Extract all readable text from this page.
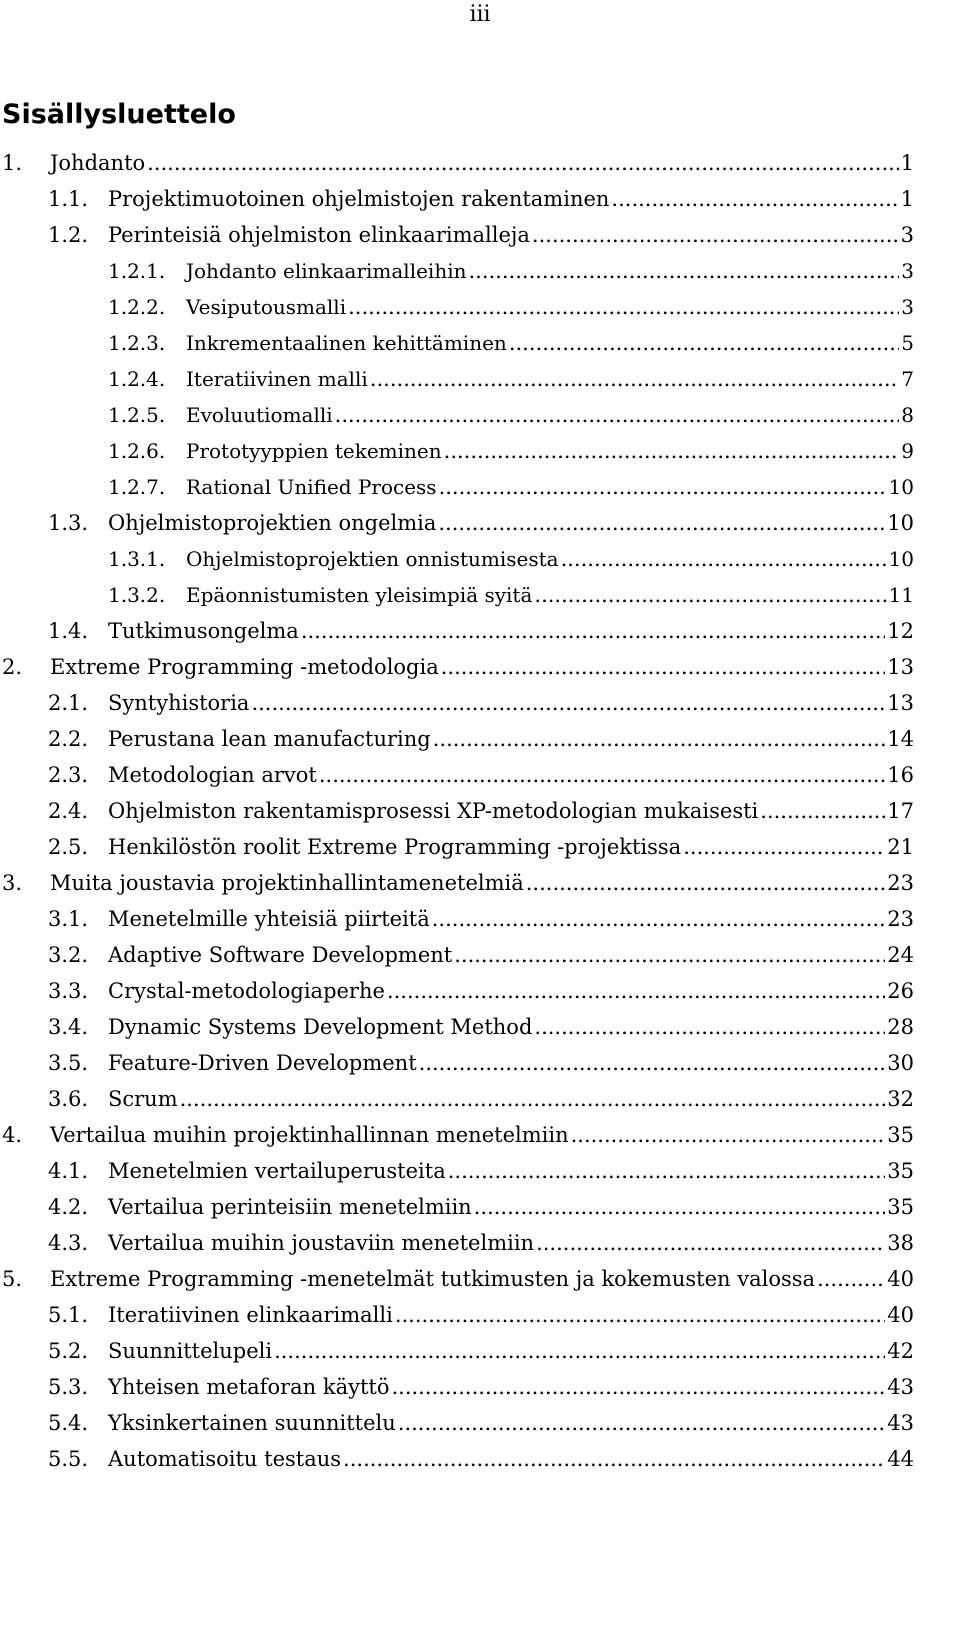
iii
Sisällysluettelo
1.	Johdanto .....	1
1.1. Projektimuotoinen ohjelmistojen rakentaminen .....	1
1.2. Perinteisiä ohjelmiston elinkaarimalleja .....	3
1.2.1.	Johdanto elinkaarimalleihin .....	3
1.2.2.	Vesiputousmalli .....	3
1.2.3.	Inkrementaalinen kehittäminen .....	5
1.2.4.	Iteratiivinen malli .....	7
1.2.5.	Evoluutiomalli .....	8
1.2.6.	Prototyyppien tekeminen .....	9
1.2.7.	Rational Unified Process .....	10
1.3. Ohjelmistoprojektien ongelmia .....	10
1.3.1.	Ohjelmistoprojektien onnistumisesta .....	10
1.3.2.	Epäonnistumisten yleisimpiä syitä .....	11
1.4. Tutkimusongelma .....	12
2.	Extreme Programming -metodologia .....	13
2.1. Syntyhistoria .....	13
2.2. Perustana lean manufacturing .....	14
2.3. Metodologian arvot .....	16
2.4. Ohjelmiston rakentamisprosessi XP-metodologian mukaisesti .....	17
2.5. Henkilöstön roolit Extreme Programming -projektissa .....	21
3.	Muita joustavia projektinhallintamenetelmiä .....	23
3.1. Menetelmille yhteisiä piirteitä .....	23
3.2. Adaptive Software Development .....	24
3.3. Crystal-metodologiaperhe .....	26
3.4. Dynamic Systems Development Method .....	28
3.5. Feature-Driven Development .....	30
3.6. Scrum .....	32
4.	Vertailua muihin projektinhallinnan menetelmiin .....	35
4.1. Menetelmien vertailuperusteita .....	35
4.2. Vertailua perinteisiin menetelmiin .....	35
4.3. Vertailua muihin joustaviin menetelmiin .....	38
5.	Extreme Programming -menetelmät tutkimusten ja kokemusten valossa .....	40
5.1. Iteratiivinen elinkaarimalli .....	40
5.2. Suunnittelupeli .....	42
5.3. Yhteisen metaforan käyttö .....	43
5.4. Yksinkertainen suunnittelu .....	43
5.5. Automatisoitu testaus .....	44
